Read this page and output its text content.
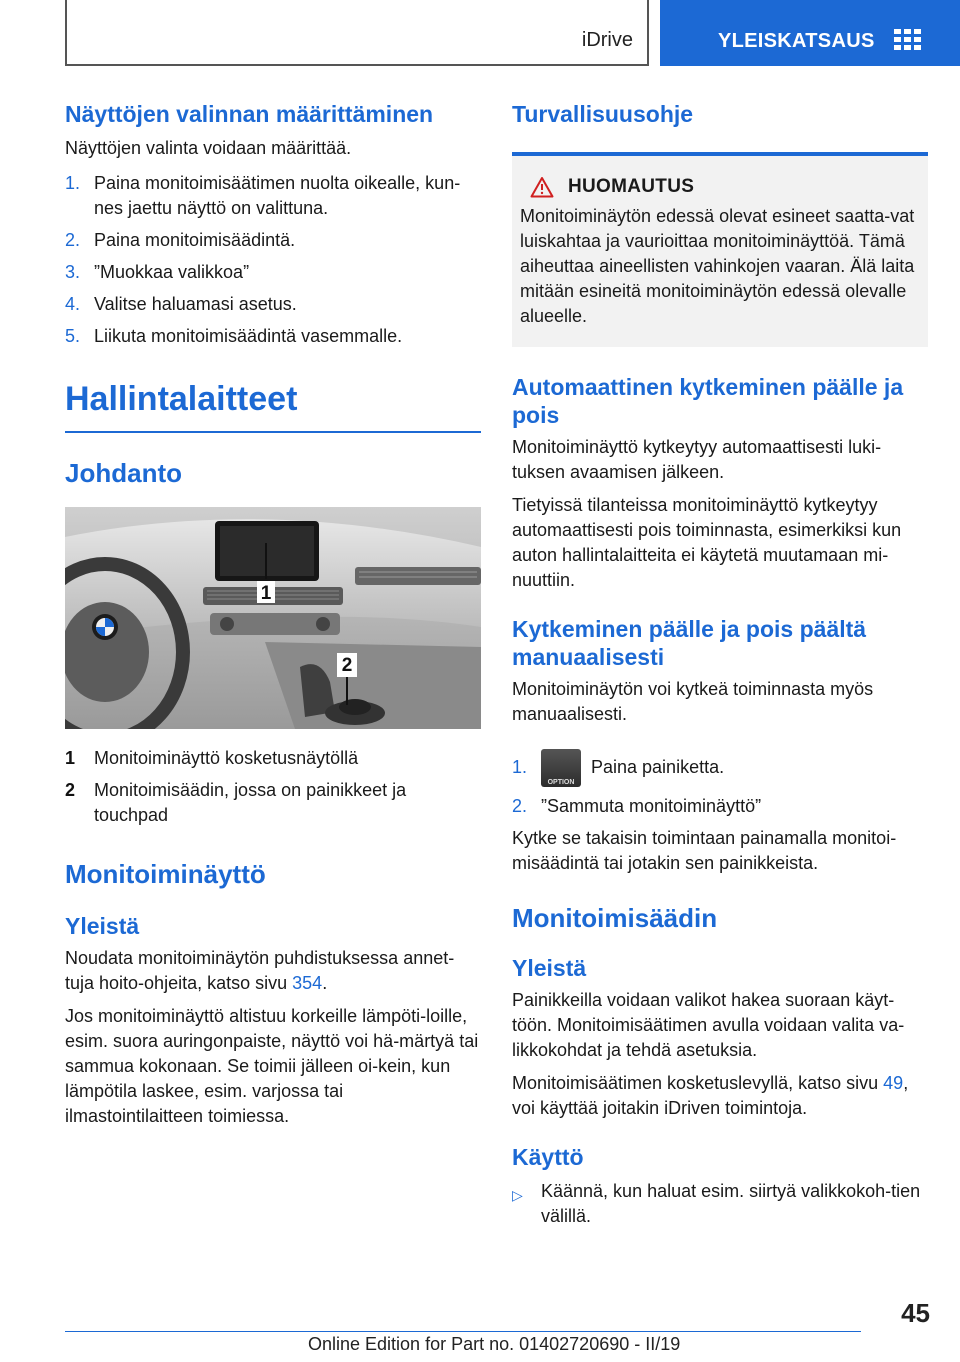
iDrive	YLEISKATSAUS
Näyttöjen valinnan määrittäminen
Näyttöjen valinta voidaan määrittää.
1. Paina monitoimisäätimen nuolta oikealle, kun-nes jaettu näyttö on valittuna.
2. Paina monitoimisäädintä.
3. ”Muokkaa valikkoa”
4. Valitse haluamasi asetus.
5. Liikuta monitoimisäädintä vasemmalle.
Hallintalaitteet
Johdanto
1
2
1 Monitoiminäyttö kosketusnäytöllä
2 Monitoimisäädin, jossa on painikkeet ja touchpad
Monitoiminäyttö
Yleistä
Noudata monitoiminäytön puhdistuksessa annet-tuja hoito-ohjeita, katso sivu 354.
Jos monitoiminäyttö altistuu korkeille lämpöti-loille, esim. suora auringonpaiste, näyttö voi hä-märtyä tai sammua kokonaan. Se toimii jälleen oi-kein, kun lämpötila laskee, esim. varjossa tai ilmastointilaitteen toimiessa.
Turvallisuusohje
HUOMAUTUS
Monitoiminäytön edessä olevat esineet saatta-vat luiskahtaa ja vaurioittaa monitoiminäyttöä. Tämä aiheuttaa aineellisten vahinkojen vaaran. Älä laita mitään esineitä monitoiminäytön edessä olevalle alueelle.
Automaattinen kytkeminen päälle ja pois
Monitoiminäyttö kytkeytyy automaattisesti luki-tuksen avaamisen jälkeen.
Tietyissä tilanteissa monitoiminäyttö kytkeytyy automaattisesti pois toiminnasta, esimerkiksi kun auton hallintalaitteita ei käytetä muutamaan mi-nuuttiin.
Kytkeminen päälle ja pois päältä manuaalisesti
Monitoiminäytön voi kytkeä toiminnasta myös manuaalisesti.
1.
OPTION
Paina painiketta.
2. ”Sammuta monitoiminäyttö”
Kytke se takaisin toimintaan painamalla monitoi-misäädintä tai jotakin sen painikkeista.
Monitoimisäädin
Yleistä
Painikkeilla voidaan valikot hakea suoraan käyt-töön. Monitoimisäätimen avulla voidaan valita va-likkokohdat ja tehdä asetuksia.
Monitoimisäätimen kosketuslevyllä, katso sivu 49, voi käyttää joitakin iDriven toimintoja.
Käyttö
▷ Käännä, kun haluat esim. siirtyä valikkokoh-tien välillä.
45
Online Edition for Part no. 01402720690 - II/19
